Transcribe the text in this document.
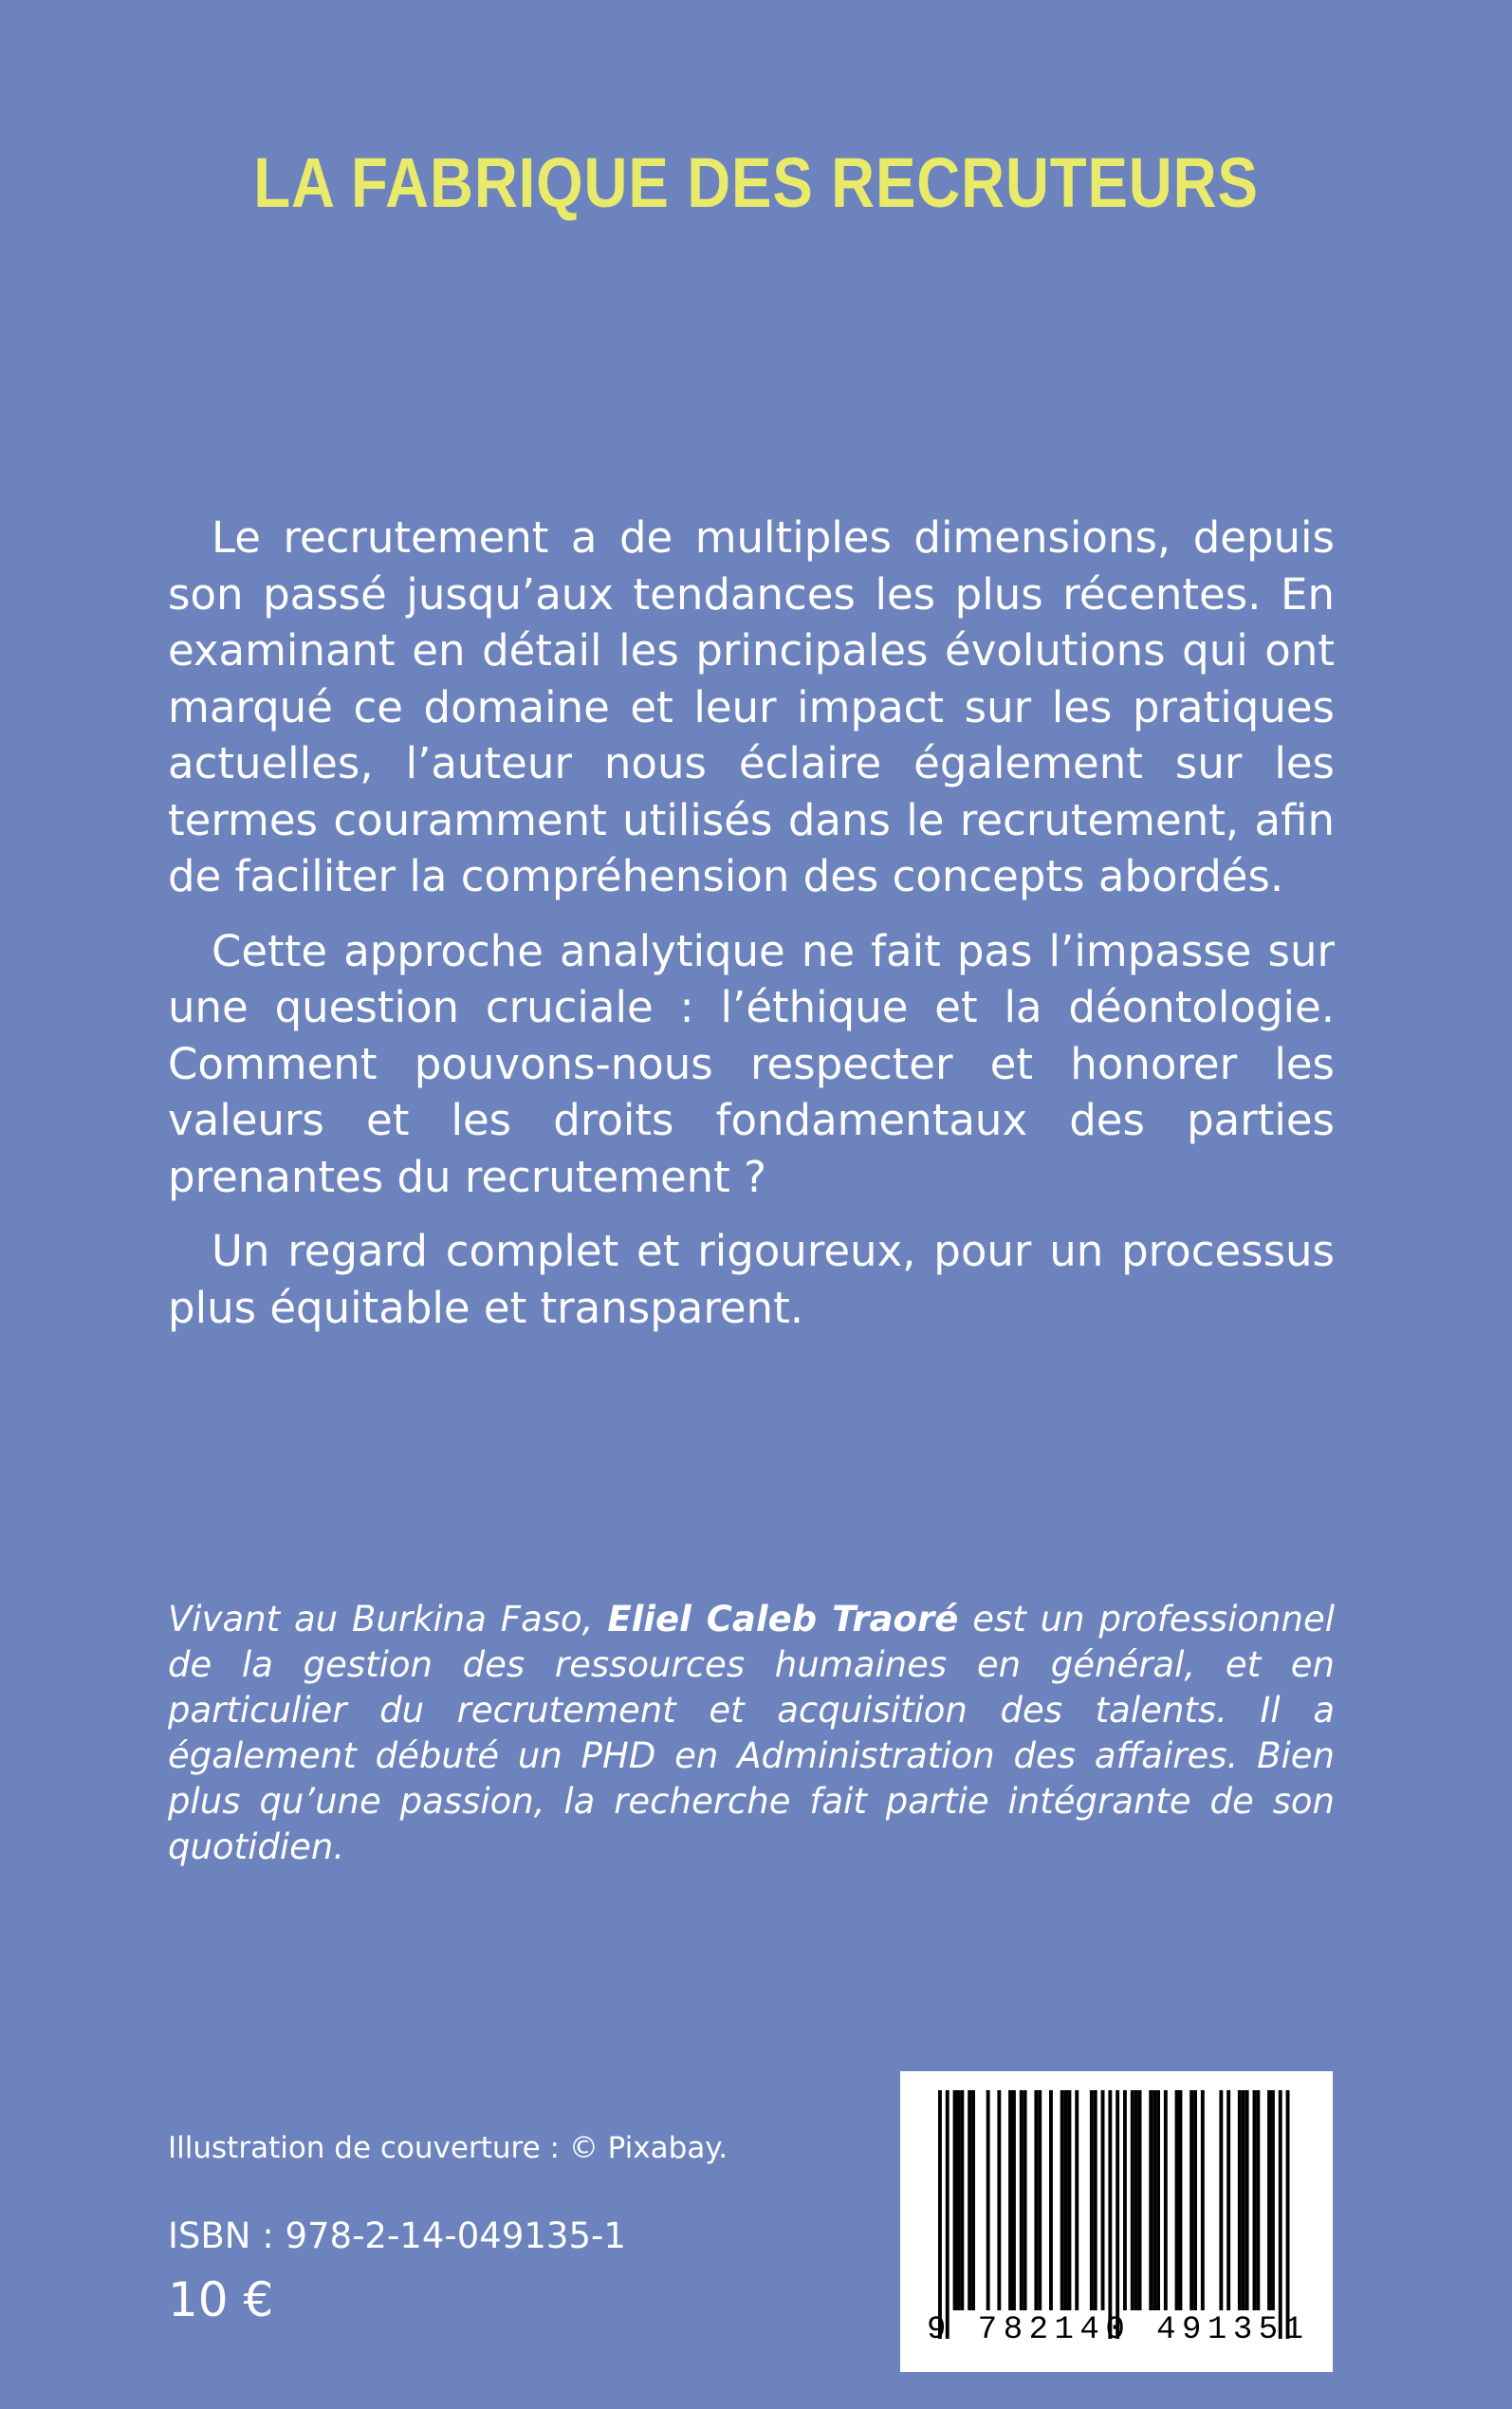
LA FABRIQUE DES RECRUTEURS

Le recrutement a de multiples dimensions, depuis son passé jusqu’aux tendances les plus récentes. En examinant en détail les principales évolutions qui ont marqué ce domaine et leur impact sur les pratiques actuelles, l’auteur nous éclaire également sur les termes couramment utilisés dans le recrutement, afin de faciliter la compréhension des concepts abordés.

Cette approche analytique ne fait pas l’impasse sur une question cruciale : l’éthique et la déontologie. Comment pouvons-nous respecter et honorer les valeurs et les droits fondamentaux des parties prenantes du recrutement ?

Un regard complet et rigoureux, pour un processus plus équitable et transparent.

Vivant au Burkina Faso, Eliel Caleb Traoré est un professionnel de la gestion des ressources humaines en général, et en particulier du recrutement et acquisition des talents. Il a également débuté un PHD en Administration des affaires. Bien plus qu’une passion, la recherche fait partie intégrante de son quotidien.
Illustration de couverture : © Pixabay.
ISBN : 978-2-14-049135-1
10 €
9 782140 491351
